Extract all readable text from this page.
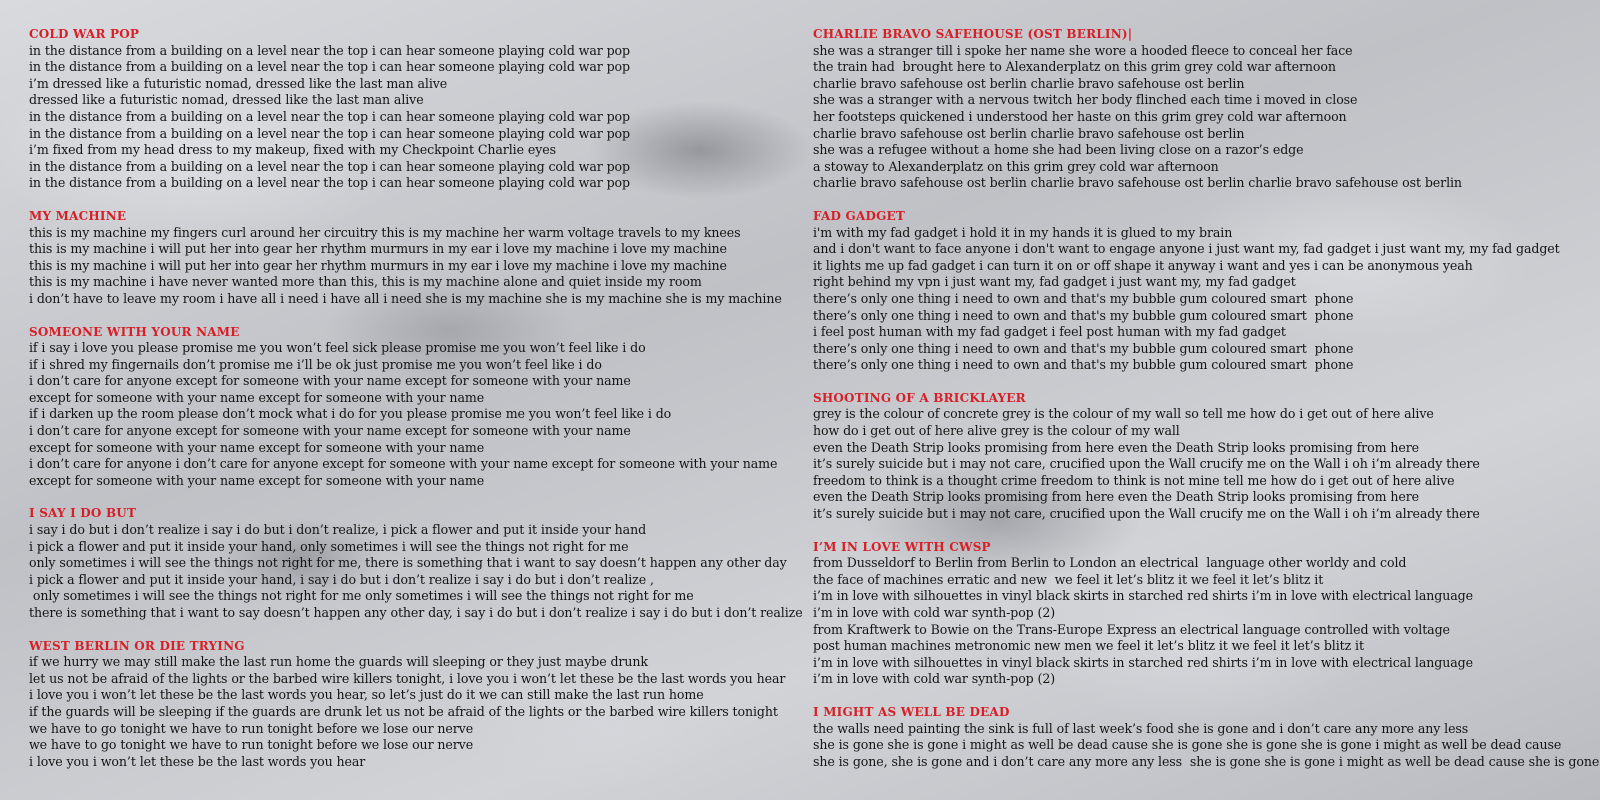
COLD WAR POP
in the distance from a building on a level near the top i can hear someone playing cold war pop
in the distance from a building on a level near the top i can hear someone playing cold war pop
i’m dressed like a futuristic nomad, dressed like the last man alive
dressed like a futuristic nomad, dressed like the last man alive
in the distance from a building on a level near the top i can hear someone playing cold war pop
in the distance from a building on a level near the top i can hear someone playing cold war pop
i’m fixed from my head dress to my makeup, fixed with my Checkpoint Charlie eyes
in the distance from a building on a level near the top i can hear someone playing cold war pop
in the distance from a building on a level near the top i can hear someone playing cold war pop
MY MACHINE
this is my machine my fingers curl around her circuitry this is my machine her warm voltage travels to my knees
this is my machine i will put her into gear her rhythm murmurs in my ear i love my machine i love my machine
this is my machine i will put her into gear her rhythm murmurs in my ear i love my machine i love my machine
this is my machine i have never wanted more than this, this is my machine alone and quiet inside my room
i don’t have to leave my room i have all i need i have all i need she is my machine she is my machine she is my machine
SOMEONE WITH YOUR NAME
if i say i love you please promise me you won’t feel sick please promise me you won’t feel like i do
if i shred my fingernails don’t promise me i’ll be ok just promise me you won’t feel like i do
i don’t care for anyone except for someone with your name except for someone with your name
except for someone with your name except for someone with your name
if i darken up the room please don’t mock what i do for you please promise me you won’t feel like i do
i don’t care for anyone except for someone with your name except for someone with your name
except for someone with your name except for someone with your name
i don’t care for anyone i don’t care for anyone except for someone with your name except for someone with your name
except for someone with your name except for someone with your name
I SAY I DO BUT
i say i do but i don’t realize i say i do but i don’t realize, i pick a flower and put it inside your hand
i pick a flower and put it inside your hand, only sometimes i will see the things not right for me
only sometimes i will see the things not right for me, there is something that i want to say doesn’t happen any other day
i pick a flower and put it inside your hand, i say i do but i don’t realize i say i do but i don’t realize ,
only sometimes i will see the things not right for me only sometimes i will see the things not right for me
there is something that i want to say doesn’t happen any other day, i say i do but i don’t realize i say i do but i don’t realize
WEST BERLIN OR DIE TRYING
if we hurry we may still make the last run home the guards will sleeping or they just maybe drunk
let us not be afraid of the lights or the barbed wire killers tonight, i love you i won’t let these be the last words you hear
i love you i won’t let these be the last words you hear, so let’s just do it we can still make the last run home
if the guards will be sleeping if the guards are drunk let us not be afraid of the lights or the barbed wire killers tonight
we have to go tonight we have to run tonight before we lose our nerve
we have to go tonight we have to run tonight before we lose our nerve
i love you i won’t let these be the last words you hear
CHARLIE BRAVO SAFEHOUSE (OST BERLIN)|
she was a stranger till i spoke her name she wore a hooded fleece to conceal her face
the train had  brought here to Alexanderplatz on this grim grey cold war afternoon
charlie bravo safehouse ost berlin charlie bravo safehouse ost berlin
she was a stranger with a nervous twitch her body flinched each time i moved in close
her footsteps quickened i understood her haste on this grim grey cold war afternoon
charlie bravo safehouse ost berlin charlie bravo safehouse ost berlin
she was a refugee without a home she had been living close on a razor’s edge
a stoway to Alexanderplatz on this grim grey cold war afternoon
charlie bravo safehouse ost berlin charlie bravo safehouse ost berlin charlie bravo safehouse ost berlin
FAD GADGET
i'm with my fad gadget i hold it in my hands it is glued to my brain
and i don't want to face anyone i don't want to engage anyone i just want my, fad gadget i just want my, my fad gadget
it lights me up fad gadget i can turn it on or off shape it anyway i want and yes i can be anonymous yeah
right behind my vpn i just want my, fad gadget i just want my, my fad gadget
there’s only one thing i need to own and that's my bubble gum coloured smart  phone
there’s only one thing i need to own and that's my bubble gum coloured smart  phone
i feel post human with my fad gadget i feel post human with my fad gadget
there’s only one thing i need to own and that's my bubble gum coloured smart  phone
there’s only one thing i need to own and that's my bubble gum coloured smart  phone
SHOOTING OF A BRICKLAYER
grey is the colour of concrete grey is the colour of my wall so tell me how do i get out of here alive
how do i get out of here alive grey is the colour of my wall
even the Death Strip looks promising from here even the Death Strip looks promising from here
it’s surely suicide but i may not care, crucified upon the Wall crucify me on the Wall i oh i’m already there
freedom to think is a thought crime freedom to think is not mine tell me how do i get out of here alive
even the Death Strip looks promising from here even the Death Strip looks promising from here
it’s surely suicide but i may not care, crucified upon the Wall crucify me on the Wall i oh i’m already there
I’M IN LOVE WITH CWSP
from Dusseldorf to Berlin from Berlin to London an electrical  language other worldy and cold
the face of machines erratic and new  we feel it let’s blitz it we feel it let’s blitz it
i’m in love with silhouettes in vinyl black skirts in starched red shirts i’m in love with electrical language
i’m in love with cold war synth-pop (2)
from Kraftwerk to Bowie on the Trans-Europe Express an electrical language controlled with voltage
post human machines metronomic new men we feel it let’s blitz it we feel it let’s blitz it
i’m in love with silhouettes in vinyl black skirts in starched red shirts i’m in love with electrical language
i’m in love with cold war synth-pop (2)
I MIGHT AS WELL BE DEAD
the walls need painting the sink is full of last week’s food she is gone and i don’t care any more any less
she is gone she is gone i might as well be dead cause she is gone she is gone she is gone i might as well be dead cause
she is gone, she is gone and i don’t care any more any less  she is gone she is gone i might as well be dead cause she is gone
